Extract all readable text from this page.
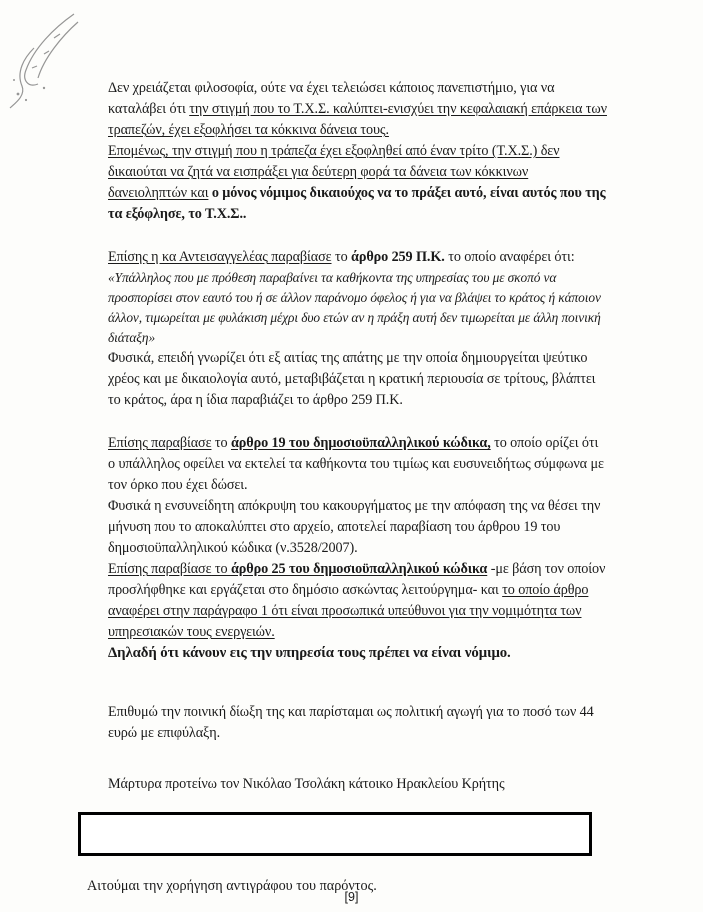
Δεν χρειάζεται φιλοσοφία, ούτε να έχει τελειώσει κάποιος πανεπιστήμιο, για να καταλάβει ότι την στιγμή που το Τ.Χ.Σ. καλύπτει-ενισχύει την κεφαλαιακή επάρκεια των τραπεζών, έχει εξοφλήσει τα κόκκινα δάνεια τους.

Επομένως, την στιγμή που η τράπεζα έχει εξοφληθεί από έναν τρίτο (Τ.Χ.Σ.) δεν δικαιούται να ζητά να εισπράξει για δεύτερη φορά τα δάνεια των κόκκινων δανειοληπτών και ο μόνος νόμιμος δικαιούχος να το πράξει αυτό, είναι αυτός που της τα εξόφλησε, το Τ.Χ.Σ..

Επίσης η κα Αντεισαγγελέας παραβίασε το άρθρο 259 Π.Κ. το οποίο αναφέρει ότι:

«Υπάλληλος που με πρόθεση παραβαίνει τα καθήκοντα της υπηρεσίας του με σκοπό να προσπορίσει στον εαυτό του ή σε άλλον παράνομο όφελος ή για να βλάψει το κράτος ή κάποιον άλλον, τιμωρείται με φυλάκιση μέχρι δυο ετών αν η πράξη αυτή δεν τιμωρείται με άλλη ποινική διάταξη»

Φυσικά, επειδή γνωρίζει ότι εξ αιτίας της απάτης με την οποία δημιουργείται ψεύτικο χρέος και με δικαιολογία αυτό, μεταβιβάζεται η κρατική περιουσία σε τρίτους, βλάπτει το κράτος, άρα η ίδια παραβιάζει το άρθρο 259 Π.Κ.

Επίσης παραβίασε το άρθρο 19 του δημοσιοϋπαλληλικού κώδικα, το οποίο ορίζει ότι ο υπάλληλος οφείλει να εκτελεί τα καθήκοντα του τιμίως και ευσυνειδήτως σύμφωνα με τον όρκο που έχει δώσει.

Φυσικά η ενσυνείδητη απόκρυψη του κακουργήματος με την απόφαση της να θέσει την μήνυση που το αποκαλύπτει στο αρχείο, αποτελεί παραβίαση του άρθρου 19 του δημοσιοϋπαλληλικού κώδικα (ν.3528/2007).

Επίσης παραβίασε το άρθρο 25 του δημοσιοϋπαλληλικού κώδικα -με βάση τον οποίον προσλήφθηκε και εργάζεται στο δημόσιο ασκώντας λειτούργημα- και το οποίο άρθρο αναφέρει στην παράγραφο 1 ότι είναι προσωπικά υπεύθυνοι για την νομιμότητα των υπηρεσιακών τους ενεργειών.

Δηλαδή ότι κάνουν εις την υπηρεσία τους πρέπει να είναι νόμιμο.

Επιθυμώ την ποινική δίωξη της και παρίσταμαι ως πολιτική αγωγή για το ποσό των 44 ευρώ με επιφύλαξη.

Μάρτυρα προτείνω τον Νικόλαο Τσολάκη κάτοικο Ηρακλείου Κρήτης

Αιτούμαι την χορήγηση αντιγράφου του παρόντος.

[9]
